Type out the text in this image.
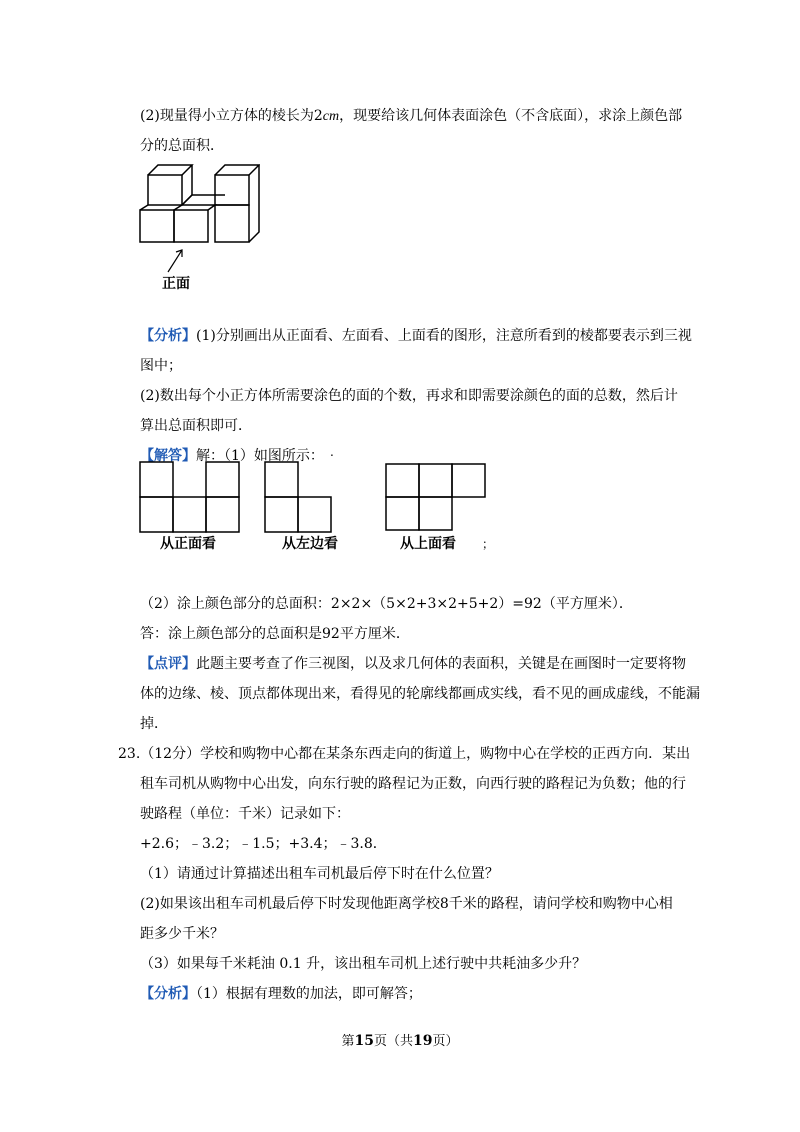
(2)现量得小立方体的棱长为2cm，现要给该几何体表面涂色（不含底面），求涂上颜色部
分的总面积．
正面
【分析】(1)分别画出从正面看、左面看、上面看的图形，注意所看到的棱都要表示到三视
图中；
(2)数出每个小正方体所需要涂色的面的个数，再求和即需要涂颜色的面的总数，然后计
算出总面积即可．
【解答】解：（1）如图所示： .
从正面看	从左边看	从上面看 ；
（2）涂上颜色部分的总面积：2×2×（5×2+3×2+5+2）=92（平方厘米）．
答：涂上颜色部分的总面积是92平方厘米．
【点评】此题主要考查了作三视图，以及求几何体的表面积，关键是在画图时一定要将物
体的边缘、棱、顶点都体现出来，看得见的轮廓线都画成实线，看不见的画成虚线，不能漏
掉．
23.（12分）学校和购物中心都在某条东西走向的街道上，购物中心在学校的正西方向．某出
租车司机从购物中心出发，向东行驶的路程记为正数，向西行驶的路程记为负数；他的行
驶路程（单位：千米）记录如下：
+2.6；﹣3.2；﹣1.5；+3.4；﹣3.8．
（1）请通过计算描述出租车司机最后停下时在什么位置？
(2)如果该出租车司机最后停下时发现他距离学校8千米的路程，请问学校和购物中心相
距多少千米？
（3）如果每千米耗油 0.1 升，该出租车司机上述行驶中共耗油多少升？
【分析】（1）根据有理数的加法，即可解答；
第15页（共19页）
